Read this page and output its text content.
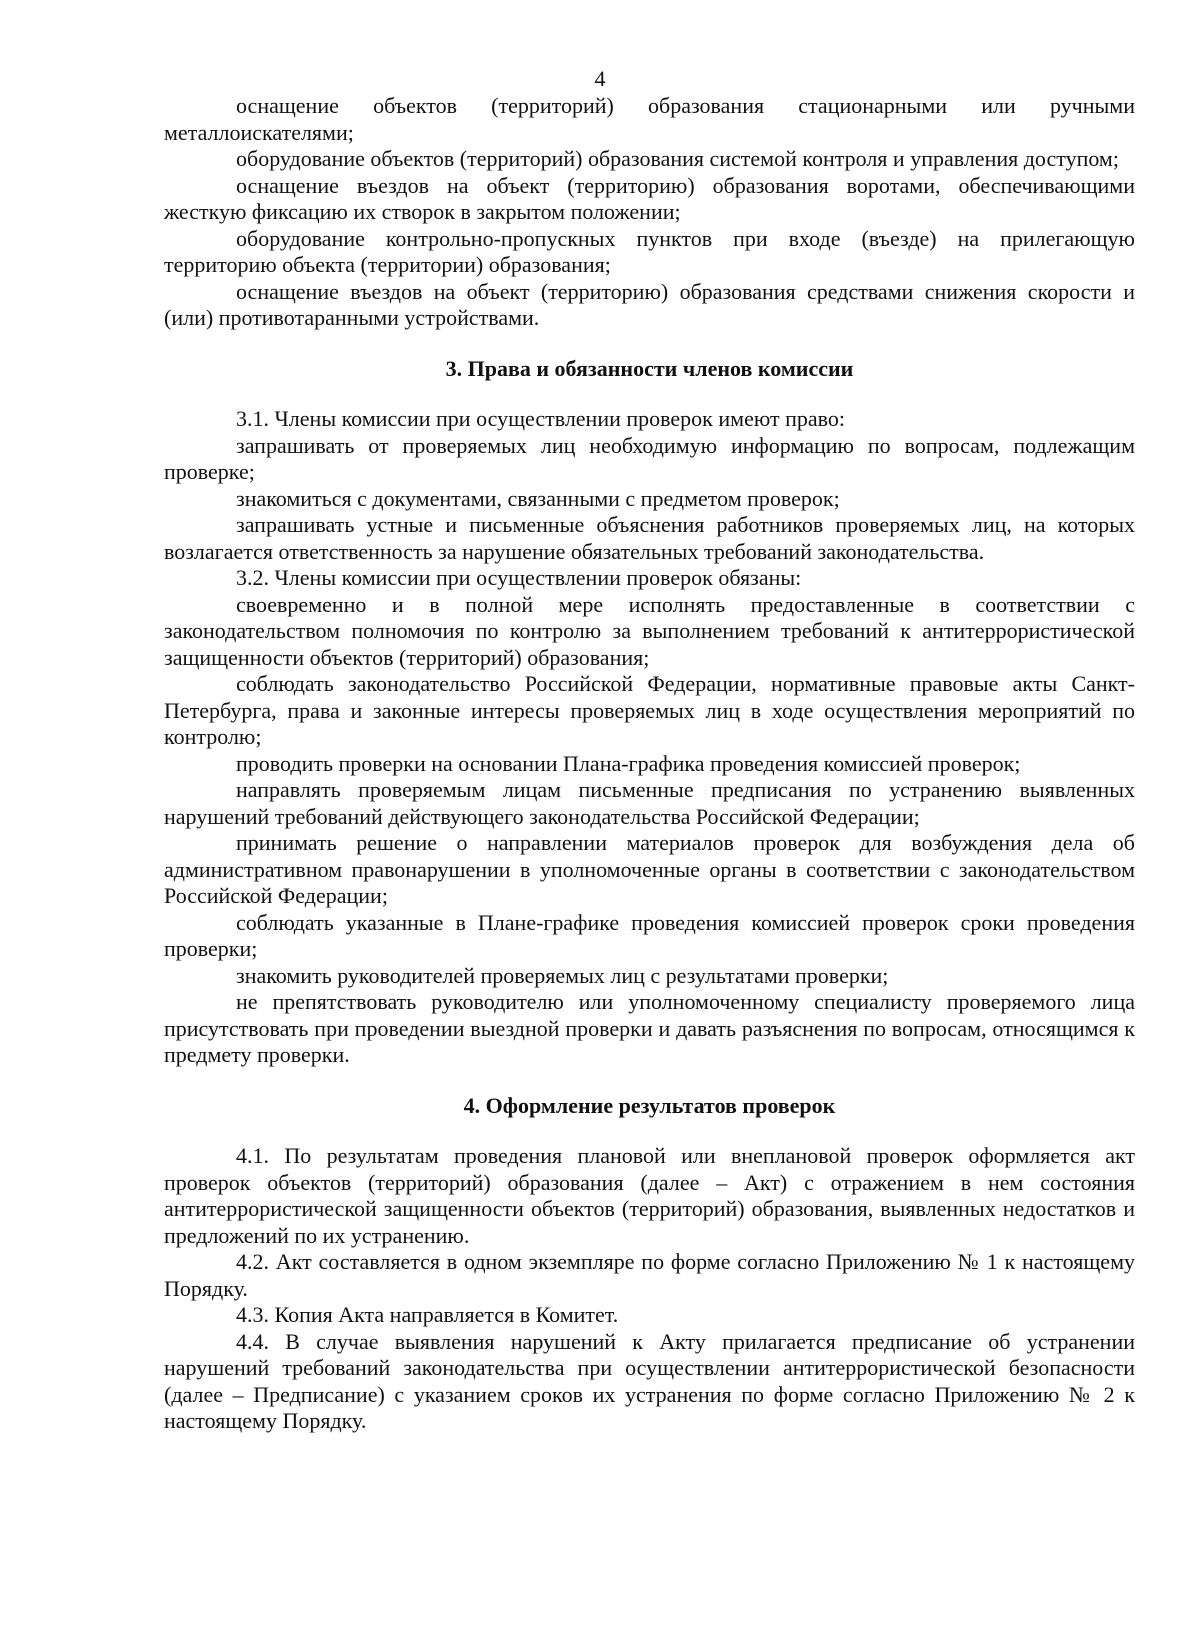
4

оснащение объектов (территорий) образования стационарными или ручными металлоискателями;

оборудование объектов (территорий) образования системой контроля и управления доступом;

оснащение въездов на объект (территорию) образования воротами, обеспечивающими жесткую фиксацию их створок в закрытом положении;

оборудование контрольно-пропускных пунктов при входе (въезде) на прилегающую территорию объекта (территории) образования;

оснащение въездов на объект (территорию) образования средствами снижения скорости и (или) противотаранными устройствами.

3. Права и обязанности членов комиссии

3.1. Члены комиссии при осуществлении проверок имеют право:

запрашивать от проверяемых лиц необходимую информацию по вопросам, подлежащим проверке;

знакомиться с документами, связанными с предметом проверок;

запрашивать устные и письменные объяснения работников проверяемых лиц, на которых возлагается ответственность за нарушение обязательных требований законодательства.

3.2. Члены комиссии при осуществлении проверок обязаны:

своевременно и в полной мере исполнять предоставленные в соответствии с законодательством полномочия по контролю за выполнением требований к антитеррористической защищенности объектов (территорий) образования;

соблюдать законодательство Российской Федерации, нормативные правовые акты Санкт-Петербурга, права и законные интересы проверяемых лиц в ходе осуществления мероприятий по контролю;

проводить проверки на основании Плана-графика проведения комиссией проверок;

направлять проверяемым лицам письменные предписания по устранению выявленных нарушений требований действующего законодательства Российской Федерации;

принимать решение о направлении материалов проверок для возбуждения дела об административном правонарушении в уполномоченные органы в соответствии с законодательством Российской Федерации;

соблюдать указанные в Плане-графике проведения комиссией проверок сроки проведения проверки;

знакомить руководителей проверяемых лиц с результатами проверки;

не препятствовать руководителю или уполномоченному специалисту проверяемого лица присутствовать при проведении выездной проверки и давать разъяснения по вопросам, относящимся к предмету проверки.

4. Оформление результатов проверок

4.1. По результатам проведения плановой или внеплановой проверок оформляется акт проверок объектов (территорий) образования (далее – Акт) с отражением в нем состояния антитеррористической защищенности объектов (территорий) образования, выявленных недостатков и предложений по их устранению.

4.2. Акт составляется в одном экземпляре по форме согласно Приложению № 1 к настоящему Порядку.

4.3. Копия Акта направляется в Комитет.

4.4. В случае выявления нарушений к Акту прилагается предписание об устранении нарушений требований законодательства при осуществлении антитеррористической безопасности (далее – Предписание) с указанием сроков их устранения по форме согласно Приложению № 2 к настоящему Порядку.
